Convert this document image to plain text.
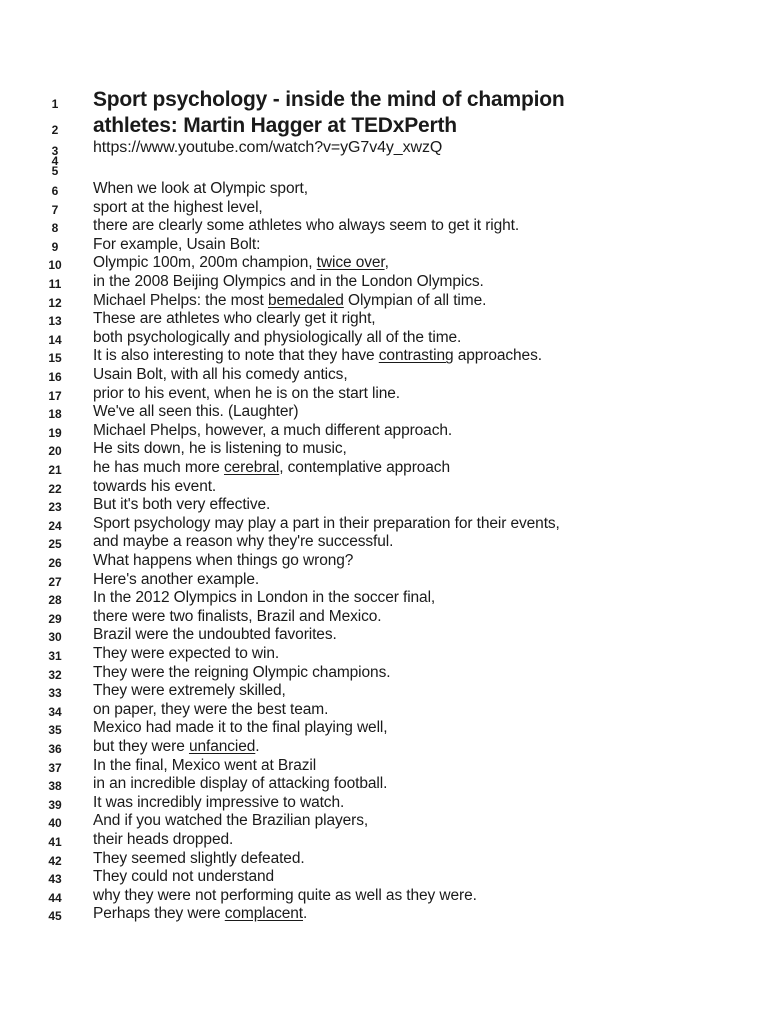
1	Sport psychology - inside the mind of champion
2	athletes: Martin Hagger at TEDxPerth
3	https://www.youtube.com/watch?v=yG7v4y_xwzQ
4
5
6	When we look at Olympic sport,
7	sport at the highest level,
8	there are clearly some athletes who always seem to get it right.
9	For example, Usain Bolt:
10	Olympic 100m, 200m champion, twice over,
11	in the 2008 Beijing Olympics and in the London Olympics.
12	Michael Phelps: the most bemedaled Olympian of all time.
13	These are athletes who clearly get it right,
14	both psychologically and physiologically all of the time.
15	It is also interesting to note that they have contrasting approaches.
16	Usain Bolt, with all his comedy antics,
17	prior to his event, when he is on the start line.
18	We've all seen this. (Laughter)
19	Michael Phelps, however, a much different approach.
20	He sits down, he is listening to music,
21	he has much more cerebral, contemplative approach
22	towards his event.
23	But it's both very effective.
24	Sport psychology may play a part in their preparation for their events,
25	and maybe a reason why they're successful.
26	What happens when things go wrong?
27	Here's another example.
28	In the 2012 Olympics in London in the soccer final,
29	there were two finalists, Brazil and Mexico.
30	Brazil were the undoubted favorites.
31	They were expected to win.
32	They were the reigning Olympic champions.
33	They were extremely skilled,
34	on paper, they were the best team.
35	Mexico had made it to the final playing well,
36	but they were unfancied.
37	In the final, Mexico went at Brazil
38	in an incredible display of attacking football.
39	It was incredibly impressive to watch.
40	And if you watched the Brazilian players,
41	their heads dropped.
42	They seemed slightly defeated.
43	They could not understand
44	why they were not performing quite as well as they were.
45	Perhaps they were complacent.
